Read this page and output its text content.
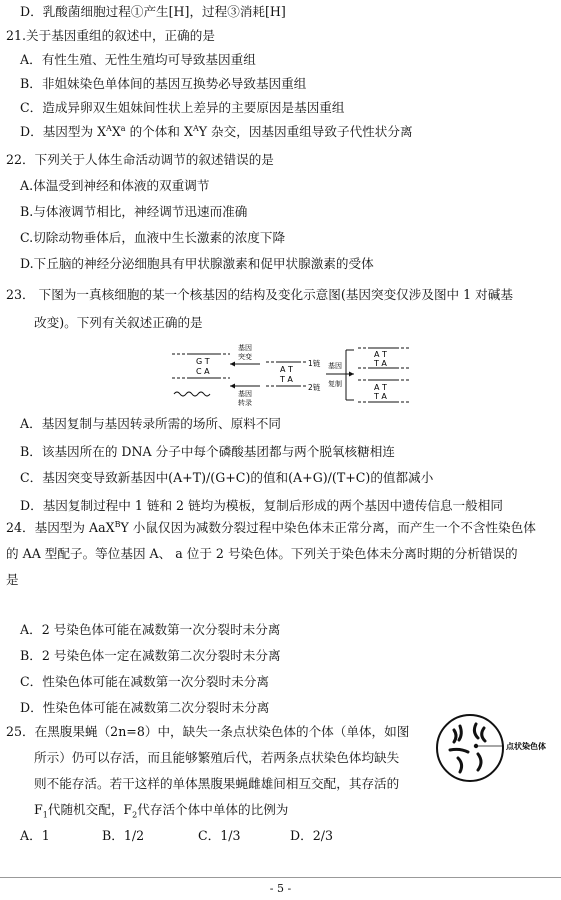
D．乳酸菌细胞过程①产生[H]，过程③消耗[H]
21.关于基因重组的叙述中，正确的是
A．有性生殖、无性生殖均可导致基因重组
B．非姐妹染色单体间的基因互换势必导致基因重组
C．造成异卵双生姐妹间性状上差异的主要原因是基因重组
D．基因型为 $X^AX^a$ 的个体和 $X^AY$ 杂交，因基因重组导致子代性状分离
22．下列关于人体生命活动调节的叙述错误的是
A.体温受到神经和体液的双重调节
B.与体液调节相比，神经调节迅速而准确
C.切除动物垂体后，血液中生长激素的浓度下降
D.下丘脑的神经分泌细胞具有甲状腺激素和促甲状腺激素的受体
23． 下图为一真核细胞的某一个核基因的结构及变化示意图(基因突变仅涉及图中 1 对碱基
改变)。下列有关叙述正确的是
G T
C A
基因
突变
基因
转录
A T
T A
1链
2链
基因
复制
A T
T A
A T
T A
A．基因复制与基因转录所需的场所、原料不同
B．该基因所在的 DNA 分子中每个磷酸基团都与两个脱氧核糖相连
C．基因突变导致新基因中(A+T)/(G+C)的值和(A+G)/(T+C)的值都减小
D．基因复制过程中 1 链和 2 链均为模板，复制后形成的两个基因中遗传信息一般相同
24．基因型为 AaX$^B$Y 小鼠仅因为减数分裂过程中染色体未正常分离，而产生一个不含性染色体
的 AA 型配子。等位基因 A、 a 位于 2 号染色体。下列关于染色体未分离时期的分析错误的
是
A．2 号染色体可能在减数第一次分裂时未分离
B．2 号染色体一定在减数第二次分裂时未分离
C．性染色体可能在减数第一次分裂时未分离
D．性染色体可能在减数第二次分裂时未分离
25．在黑腹果蝇（2n=8）中，缺失一条点状染色体的个体（单体，如图
所示）仍可以存活，而且能够繁殖后代，若两条点状染色体均缺失
则不能存活。若干这样的单体黑腹果蝇雌雄间相互交配，其存活的
$F_1$代随机交配，$F_2$代存活个体中单体的比例为
A．1	B．1/2	C．1/3	D．2/3
点状染色体
- 5 -
